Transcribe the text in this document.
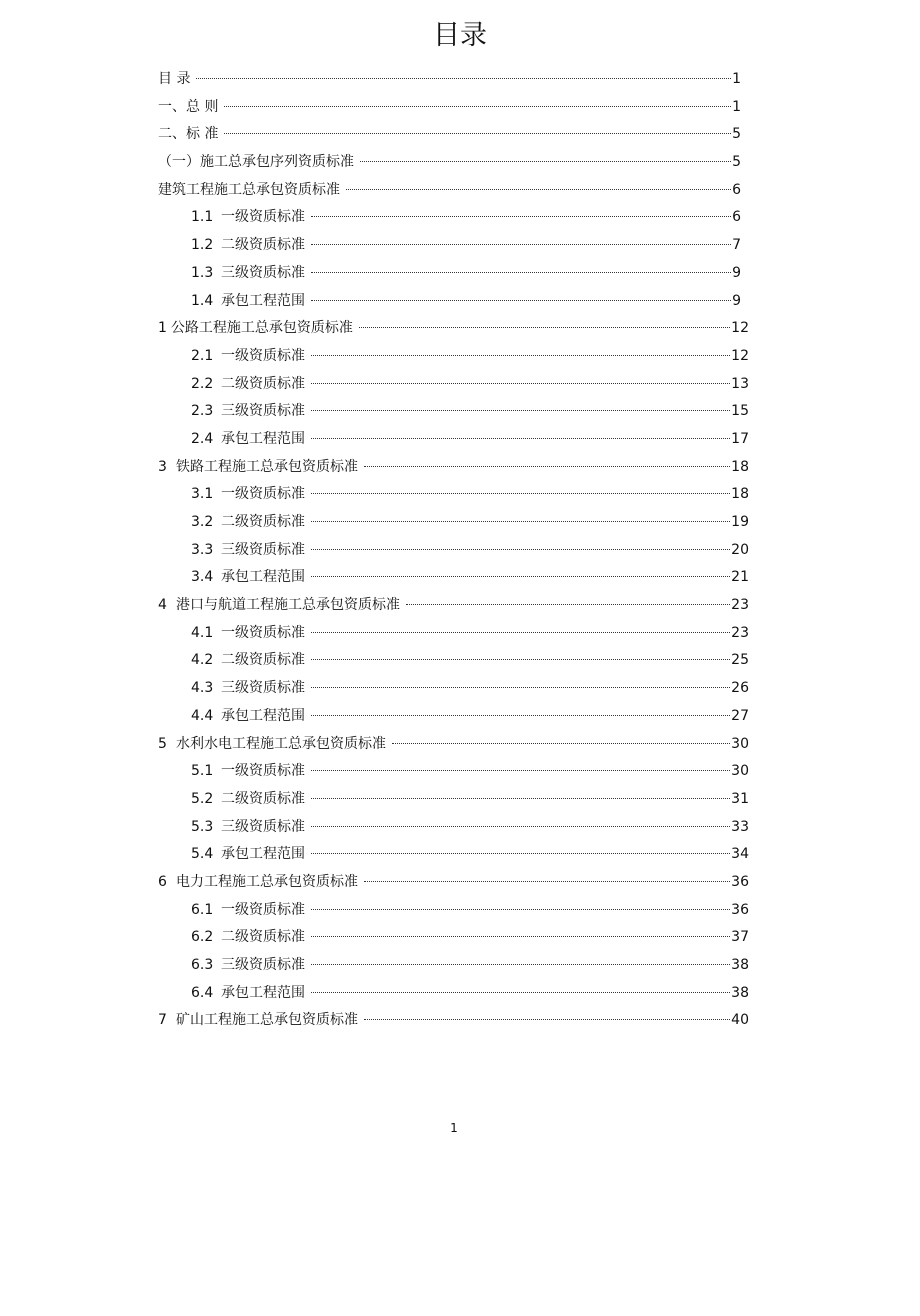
目录
目 录	1
一、总 则	1
二、标 准	5
（一）施工总承包序列资质标准	5
建筑工程施工总承包资质标准	6
1.1 一级资质标准	6
1.2 二级资质标准	7
1.3 三级资质标准	9
1.4 承包工程范围	9
1 公路工程施工总承包资质标准	12
2.1 一级资质标准	12
2.2 二级资质标准	13
2.3 三级资质标准	15
2.4 承包工程范围	17
3 铁路工程施工总承包资质标准	18
3.1 一级资质标准	18
3.2 二级资质标准	19
3.3 三级资质标准	20
3.4 承包工程范围	21
4 港口与航道工程施工总承包资质标准	23
4.1 一级资质标准	23
4.2 二级资质标准	25
4.3 三级资质标准	26
4.4 承包工程范围	27
5 水利水电工程施工总承包资质标准	30
5.1 一级资质标准	30
5.2 二级资质标准	31
5.3 三级资质标准	33
5.4 承包工程范围	34
6 电力工程施工总承包资质标准	36
6.1 一级资质标准	36
6.2 二级资质标准	37
6.3 三级资质标准	38
6.4 承包工程范围	38
7 矿山工程施工总承包资质标准	40
1
